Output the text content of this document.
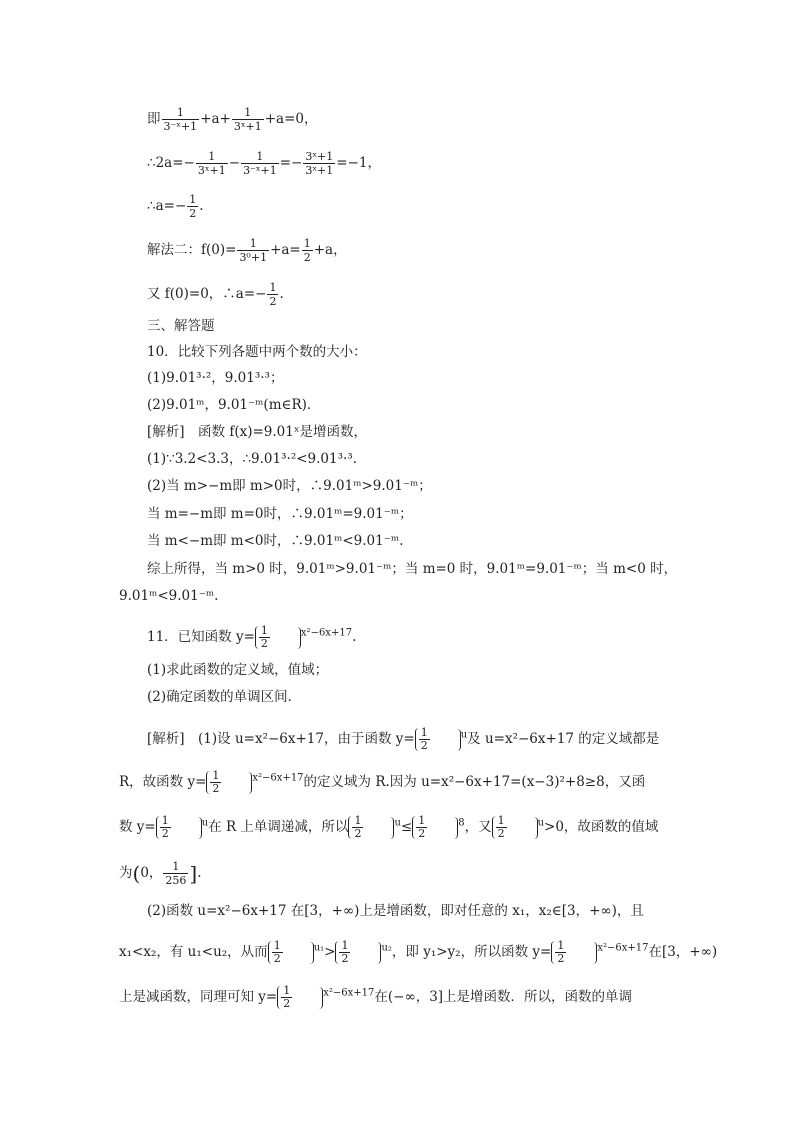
即 $\frac{1}{\text{3⁻ˣ+1}} +a+ \frac{1}{\text{3ˣ+1}} +a=0$，
∴2a=− $\frac{1}{\text{3ˣ+1}} - \frac{1}{\text{3⁻ˣ+1}} =- \frac{\text{3ˣ+1}}{\text{3ˣ+1}} =-1$，
∴a=− $\frac{1}{2}$ .
解法二：$f(0)= \frac{1}{\text{3⁰+1}} +a= \frac{1}{2} +a$，
又 f(0)=0，∴a=− $\frac{1}{2}$ .
三、解答题
10．比较下列各题中两个数的大小：
(1)9.01³·²，9.01³·³；
(2)9.01ᵐ，9.01⁻ᵐ(m∈R)．
[解析]　函数 f(x)=9.01ˣ是增函数，
(1)∵3.2<3.3，∴9.01³·²<9.01³·³.
(2)当 m>−m即 m>0时，∴9.01ᵐ>9.01⁻ᵐ；
当 m=−m即 m=0时，∴9.01ᵐ=9.01⁻ᵐ；
当 m<−m即 m<0时，∴9.01ᵐ<9.01⁻ᵐ.
综上所得，当 m>0 时，9.01ᵐ>9.01⁻ᵐ；当 m=0 时，9.01ᵐ=9.01⁻ᵐ；当 m<0 时，
9.01ᵐ<9.01⁻ᵐ.
11．已知函数 $y= \frac{1}{2}$	$^{x^2-6x+17}$.
(1)求此函数的定义域，值域；
(2)确定函数的单调区间．
[解析]　(1)设 u=x²−6x+17，由于函数 $y= \frac{1}{2}$	$^u$及 u=x²−6x+17 的定义域都是
R，故函数 $y= \frac{1}{2}$	$^{x^2-6x+17}$的定义域为 R.因为 u=x²−6x+17=(x−3)²+8≥8，又函
数 $y= \frac{1}{2}$	$^u$在 R 上单调递减，所以 $\frac{1}{2}$	$^u\le \frac{1}{2}$	$^8$，又 $\frac{1}{2}$	$^u$>0，故函数的值域
为(0， $\frac{1}{256}$ ].
(2)函数 u=x²−6x+17 在[3，+∞)上是增函数，即对任意的 x₁，x₂∈[3，+∞)，且
x₁<x₂，有 u₁<u₂，从而 $\frac{1}{2}$	$^{u_1}> \frac{1}{2}$	$^{u_2}$，即 y₁>y₂，所以函数 $y= \frac{1}{2}$	$^{x^2-6x+17}$在[3，+∞)
上是减函数，同理可知 $y= \frac{1}{2}$	$^{x^2-6x+17}$在(−∞，3]上是增函数．所以，函数的单调
